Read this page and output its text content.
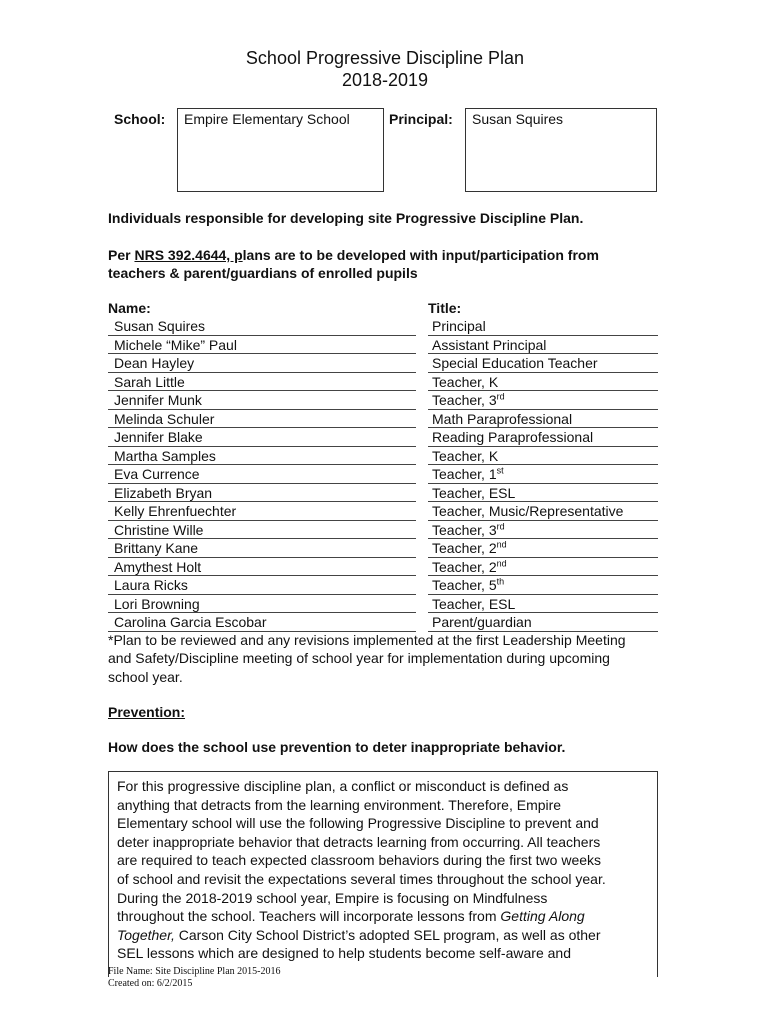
School Progressive Discipline Plan
2018-2019
School:	Empire Elementary School	Principal:	Susan Squires
Individuals responsible for developing site Progressive Discipline Plan.
Per NRS 392.4644, plans are to be developed with input/participation from
teachers & parent/guardians of enrolled pupils
Name:	Title:
Susan Squires	Principal
Michele “Mike” Paul	Assistant Principal
Dean Hayley	Special Education Teacher
Sarah Little	Teacher, K
Jennifer Munk	Teacher, 3rd
Melinda Schuler	Math Paraprofessional
Jennifer Blake	Reading Paraprofessional
Martha Samples	Teacher, K
Eva Currence	Teacher, 1st
Elizabeth Bryan	Teacher, ESL
Kelly Ehrenfuechter	Teacher, Music/Representative
Christine Wille	Teacher, 3rd
Brittany Kane	Teacher, 2nd
Amythest Holt	Teacher, 2nd
Laura Ricks	Teacher, 5th
Lori Browning	Teacher, ESL
Carolina Garcia Escobar	Parent/guardian
*Plan to be reviewed and any revisions implemented at the first Leadership Meeting
and Safety/Discipline meeting of school year for implementation during upcoming
school year.
Prevention:
How does the school use prevention to deter inappropriate behavior.
For this progressive discipline plan, a conflict or misconduct is defined as
anything that detracts from the learning environment. Therefore, Empire
Elementary school will use the following Progressive Discipline to prevent and
deter inappropriate behavior that detracts learning from occurring. All teachers
are required to teach expected classroom behaviors during the first two weeks
of school and revisit the expectations several times throughout the school year.
During the 2018-2019 school year, Empire is focusing on Mindfulness
throughout the school. Teachers will incorporate lessons from Getting Along
Together, Carson City School District’s adopted SEL program, as well as other
SEL lessons which are designed to help students become self-aware and
File Name: Site Discipline Plan 2015-2016
Created on: 6/2/2015
